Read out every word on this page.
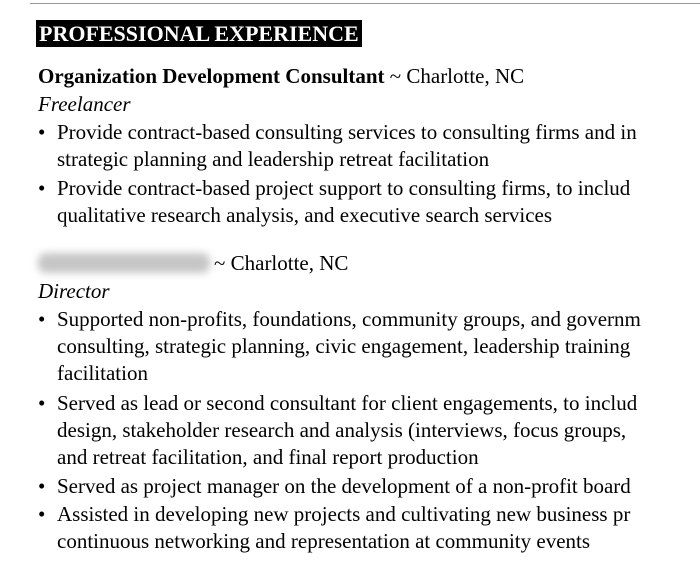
PROFESSIONAL EXPERIENCE
Organization Development Consultant ~ Charlotte, NC
Freelancer
• Provide contract-based consulting services to consulting firms and in
strategic planning and leadership retreat facilitation
• Provide contract-based project support to consulting firms, to includ
qualitative research analysis, and executive search services
~ Charlotte, NC
Director
• Supported non-profits, foundations, community groups, and governm
consulting, strategic planning, civic engagement, leadership training
facilitation
• Served as lead or second consultant for client engagements, to includ
design, stakeholder research and analysis (interviews, focus groups,
and retreat facilitation, and final report production
• Served as project manager on the development of a non-profit board
• Assisted in developing new projects and cultivating new business pr
continuous networking and representation at community events
